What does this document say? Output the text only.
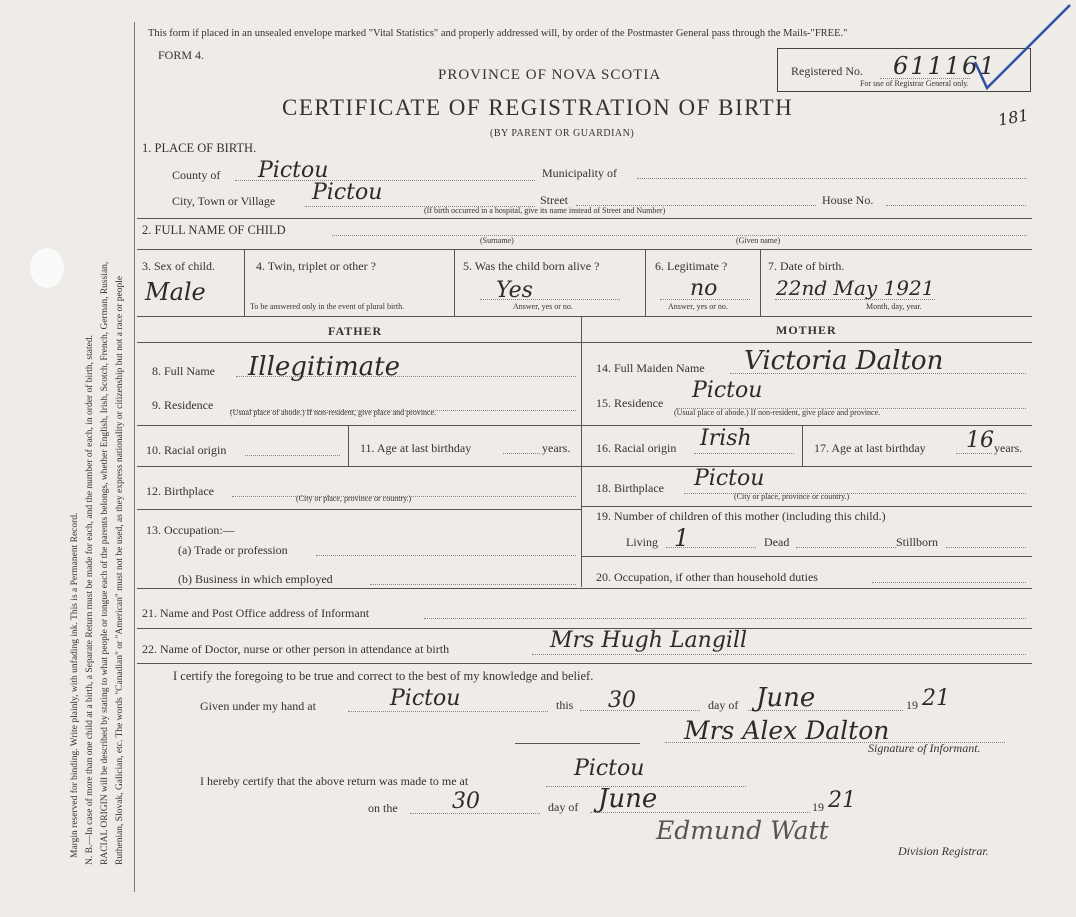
Margin reserved for binding. Write plainly, with unfading ink. This is a Permanent Record. N. B.—In case of more than one child at a birth, a Separate Return must be made for each, and the number of each, in order of birth, stated. RACIAL ORIGIN will be described by stating to what people or tongue each of the parents belongs, whether English, Irish, Scotch, French, German, Russian, Ruthenian, Slovak, Galician, etc. The words "Canadian" or "American" must not be used, as they express nationality or citizenship but not a race or people
This form if placed in an unsealed envelope marked "Vital Statistics" and properly addressed will, by order of the Postmaster General pass through the Mails-"FREE."
FORM 4.
PROVINCE OF NOVA SCOTIA
CERTIFICATE OF REGISTRATION OF BIRTH
(BY PARENT OR GUARDIAN)
Registered No. 611161
For use of Registrar General only.
181
1. PLACE OF BIRTH.
County of Pictou	Municipality of
City, Town or Village Pictou	Street	House No.
(If birth occurred in a hospital, give its name instead of Street and Number)
2. FULL NAME OF CHILD
(Surname)	(Given name)
3. Sex of child.
Male
4. Twin, triplet or other ?
To be answered only in the event of plural birth.
5. Was the child born alive ?
Yes
Answer, yes or no.
6. Legitimate ?
no
Answer, yes or no.
7. Date of birth.
22nd May 1921
Month, day, year.
FATHER
8. Full Name Illegitimate
9. Residence
(Usual place of abode.) If non-resident, give place and province.
10. Racial origin	11. Age at last birthday	years.
12. Birthplace
(City or place, province or country.)
13. Occupation:—
(a) Trade or profession
(b) Business in which employed
MOTHER
14. Full Maiden Name Victoria Dalton
15. Residence Pictou
(Usual place of abode.) If non-resident, give place and province.
16. Racial origin Irish	17. Age at last birthday 16 years.
18. Birthplace Pictou
(City or place, province or country.)
19. Number of children of this mother (including this child.)
Living 1	Dead	Stillborn
20. Occupation, if other than household duties
21. Name and Post Office address of Informant
22. Name of Doctor, nurse or other person in attendance at birth	Mrs Hugh Langill
I certify the foregoing to be true and correct to the best of my knowledge and belief.
Given under my hand at	Pictou	this 30	day of June	19 21
Mrs Alex Dalton
Signature of Informant.
I hereby certify that the above return was made to me at	Pictou
on the 30	day of June	19 21
Edmund Watt
Division Registrar.
